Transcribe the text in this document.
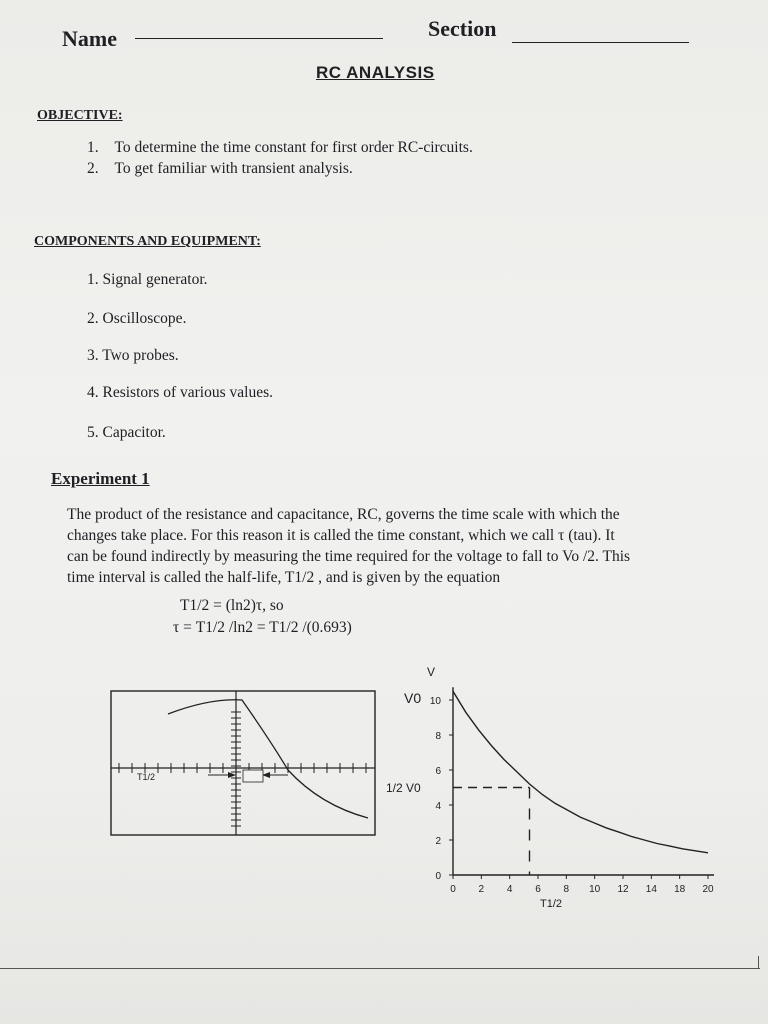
Name	Section
RC ANALYSIS
OBJECTIVE:
1. To determine the time constant for first order RC-circuits.
2. To get familiar with transient analysis.
COMPONENTS AND EQUIPMENT:
1. Signal generator.
2. Oscilloscope.
3. Two probes.
4. Resistors of various values.
5. Capacitor.
Experiment 1
The product of the resistance and capacitance, RC, governs the time scale with which the
changes take place. For this reason it is called the time constant, which we call τ (tau). It
can be found indirectly by measuring the time required for the voltage to fall to Vo /2. This
time interval is called the half-life, T1/2 , and is given by the equation
T1/2 = (ln2)τ, so
τ = T1/2 /ln2 = T1/2 /(0.693)
T1/2
0
2
4
6
8
10
0 2 4 6 8 10 12 14 18 20
V
V0
1/2 V0
T1/2
